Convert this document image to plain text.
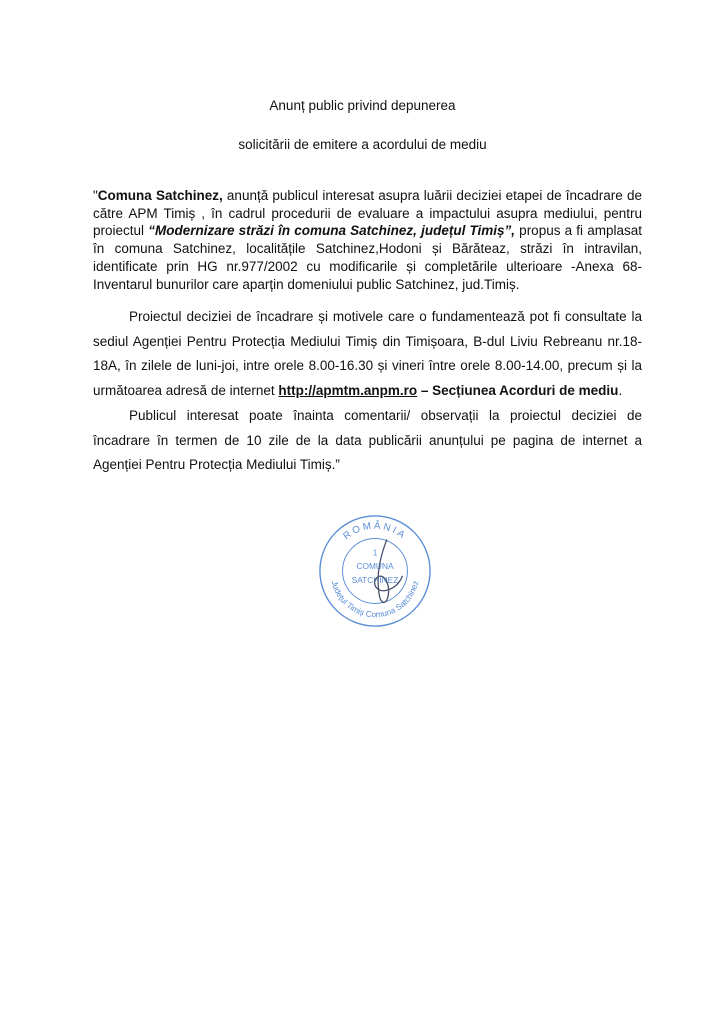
Anunț public privind depunerea
solicitării de emitere a acordului de mediu

"Comuna Satchinez, anunță publicul interesat asupra luării deciziei etapei de încadrare de către APM Timiș , în cadrul procedurii de evaluare a impactului asupra mediului, pentru proiectul “Modernizare străzi în comuna Satchinez, județul Timiș”, propus a fi amplasat în comuna Satchinez, localitățile Satchinez,Hodoni și Bărăteaz, străzi în intravilan, identificate prin HG nr.977/2002 cu modificarile și completările ulterioare -Anexa 68-Inventarul bunurilor care aparțin domeniului public Satchinez, jud.Timiș.

Proiectul deciziei de încadrare și motivele care o fundamentează pot fi consultate la sediul Agenției Pentru Protecția Mediului Timiș din Timișoara, B-dul Liviu Rebreanu nr.18-18A, în zilele de luni-joi, intre orele 8.00-16.30 și vineri între orele 8.00-14.00, precum și la următoarea adresă de internet http://apmtm.anpm.ro – Secțiunea Acorduri de mediu.

Publicul interesat poate înainta comentarii/ observații la proiectul deciziei de încadrare în termen de 10 zile de la data publicării anunțului pe pagina de internet a Agenției Pentru Protecția Mediului Timiș.”

ROMÂNIA
Județul Timiș Comuna Satchinez
1
COMUNA
SATCHINEZ
